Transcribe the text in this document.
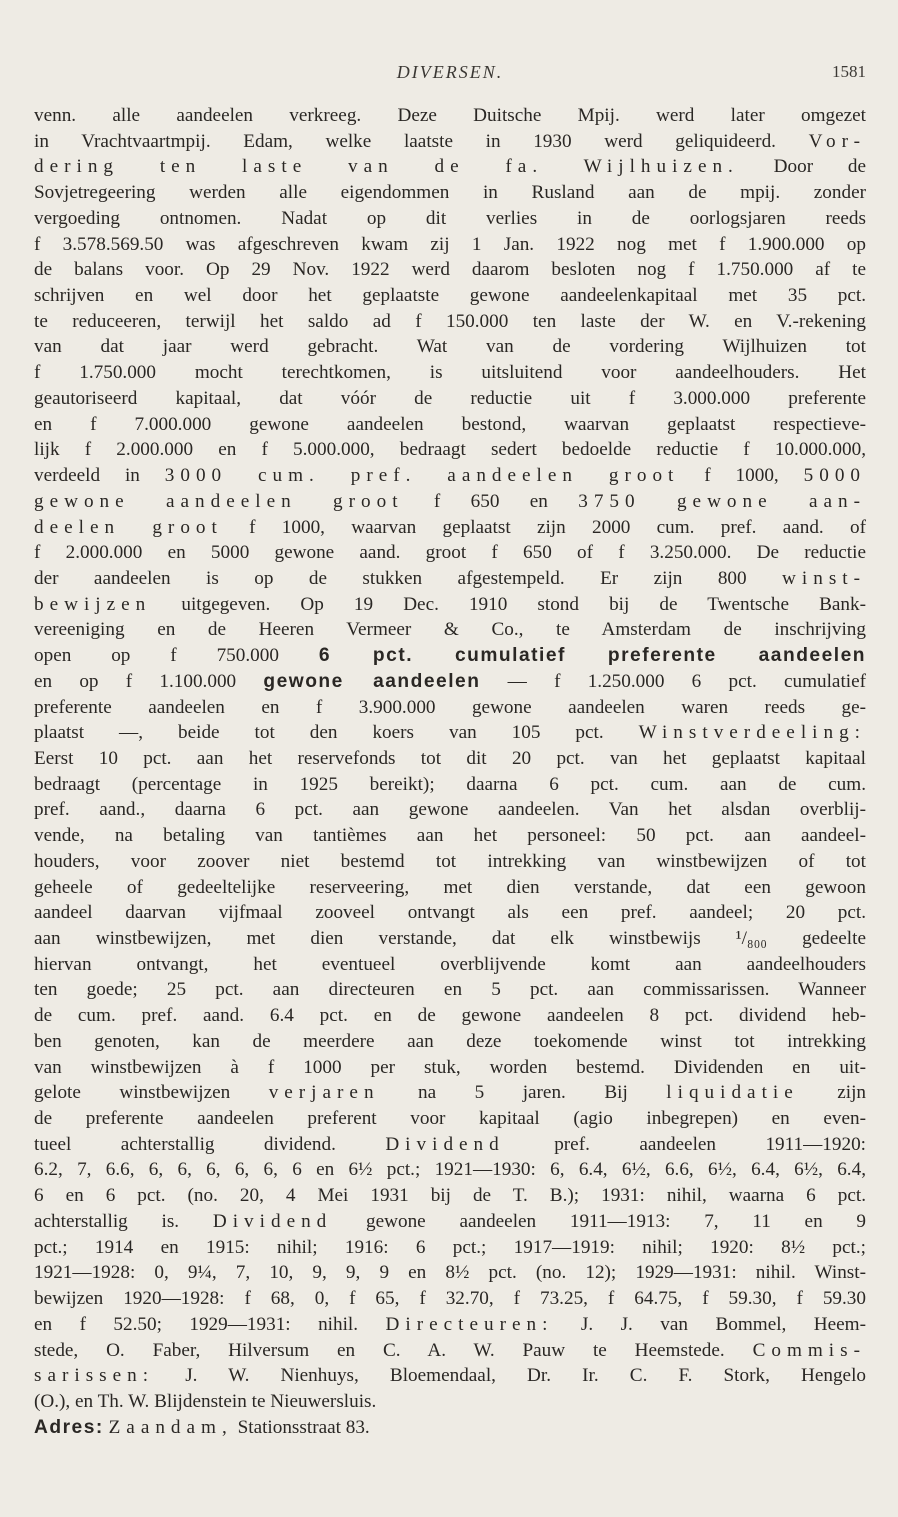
DIVERSEN.	1581
venn. alle aandeelen verkreeg. Deze Duitsche Mpij. werd later omgezet
in Vrachtvaartmpij. Edam, welke laatste in 1930 werd geliquideerd. Vor-
dering ten laste van de fa. Wijlhuizen. Door de
Sovjetregeering werden alle eigendommen in Rusland aan de mpij. zonder
vergoeding ontnomen. Nadat op dit verlies in de oorlogsjaren reeds
f 3.578.569.50 was afgeschreven kwam zij 1 Jan. 1922 nog met f 1.900.000 op
de balans voor. Op 29 Nov. 1922 werd daarom besloten nog f 1.750.000 af te
schrijven en wel door het geplaatste gewone aandeelenkapitaal met 35 pct.
te reduceeren, terwijl het saldo ad f 150.000 ten laste der W. en V.-rekening
van dat jaar werd gebracht. Wat van de vordering Wijlhuizen tot
f 1.750.000 mocht terechtkomen, is uitsluitend voor aandeelhouders. Het
geautoriseerd kapitaal, dat vóór de reductie uit f 3.000.000 preferente
en f 7.000.000 gewone aandeelen bestond, waarvan geplaatst respectieve-
lijk f 2.000.000 en f 5.000.000, bedraagt sedert bedoelde reductie f 10.000.000,
verdeeld in 3000 cum. pref. aandeelen groot f 1000, 5000
gewone aandeelen groot f 650 en 3750 gewone aan-
deelen groot f 1000, waarvan geplaatst zijn 2000 cum. pref. aand. of
f 2.000.000 en 5000 gewone aand. groot f 650 of f 3.250.000. De reductie
der aandeelen is op de stukken afgestempeld. Er zijn 800 winst-
bewijzen uitgegeven. Op 19 Dec. 1910 stond bij de Twentsche Bank-
vereeniging en de Heeren Vermeer & Co., te Amsterdam de inschrijving
open op f 750.000 6 pct. cumulatief preferente aandeelen
en op f 1.100.000 gewone aandeelen — f 1.250.000 6 pct. cumulatief
preferente aandeelen en f 3.900.000 gewone aandeelen waren reeds ge-
plaatst —, beide tot den koers van 105 pct. Winstverdeeling:
Eerst 10 pct. aan het reservefonds tot dit 20 pct. van het geplaatst kapitaal
bedraagt (percentage in 1925 bereikt); daarna 6 pct. cum. aan de cum.
pref. aand., daarna 6 pct. aan gewone aandeelen. Van het alsdan overblij-
vende, na betaling van tantièmes aan het personeel: 50 pct. aan aandeel-
houders, voor zoover niet bestemd tot intrekking van winstbewijzen of tot
geheele of gedeeltelijke reserveering, met dien verstande, dat een gewoon
aandeel daarvan vijfmaal zooveel ontvangt als een pref. aandeel; 20 pct.
aan winstbewijzen, met dien verstande, dat elk winstbewijs ¹/₈₀₀ gedeelte
hiervan ontvangt, het eventueel overblijvende komt aan aandeelhouders
ten goede; 25 pct. aan directeuren en 5 pct. aan commissarissen. Wanneer
de cum. pref. aand. 6.4 pct. en de gewone aandeelen 8 pct. dividend heb-
ben genoten, kan de meerdere aan deze toekomende winst tot intrekking
van winstbewijzen à f 1000 per stuk, worden bestemd. Dividenden en uit-
gelote winstbewijzen verjaren na 5 jaren. Bij liquidatie zijn
de preferente aandeelen preferent voor kapitaal (agio inbegrepen) en even-
tueel achterstallig dividend. Dividend pref. aandeelen 1911—1920:
6.2, 7, 6.6, 6, 6, 6, 6, 6, 6 en 6½ pct.; 1921—1930: 6, 6.4, 6½, 6.6, 6½, 6.4, 6½, 6.4,
6 en 6 pct. (no. 20, 4 Mei 1931 bij de T. B.); 1931: nihil, waarna 6 pct.
achterstallig is. Dividend gewone aandeelen 1911—1913: 7, 11 en 9
pct.; 1914 en 1915: nihil; 1916: 6 pct.; 1917—1919: nihil; 1920: 8½ pct.;
1921—1928: 0, 9¼, 7, 10, 9, 9, 9 en 8½ pct. (no. 12); 1929—1931: nihil. Winst-
bewijzen 1920—1928: f 68, 0, f 65, f 32.70, f 73.25, f 64.75, f 59.30, f 59.30
en f 52.50; 1929—1931: nihil. Directeuren: J. J. van Bommel, Heem-
stede, O. Faber, Hilversum en C. A. W. Pauw te Heemstede. Commis-
sarissen: J. W. Nienhuys, Bloemendaal, Dr. Ir. C. F. Stork, Hengelo
(O.), en Th. W. Blijdenstein te Nieuwersluis.
Adres: Zaandam, Stationsstraat 83.
